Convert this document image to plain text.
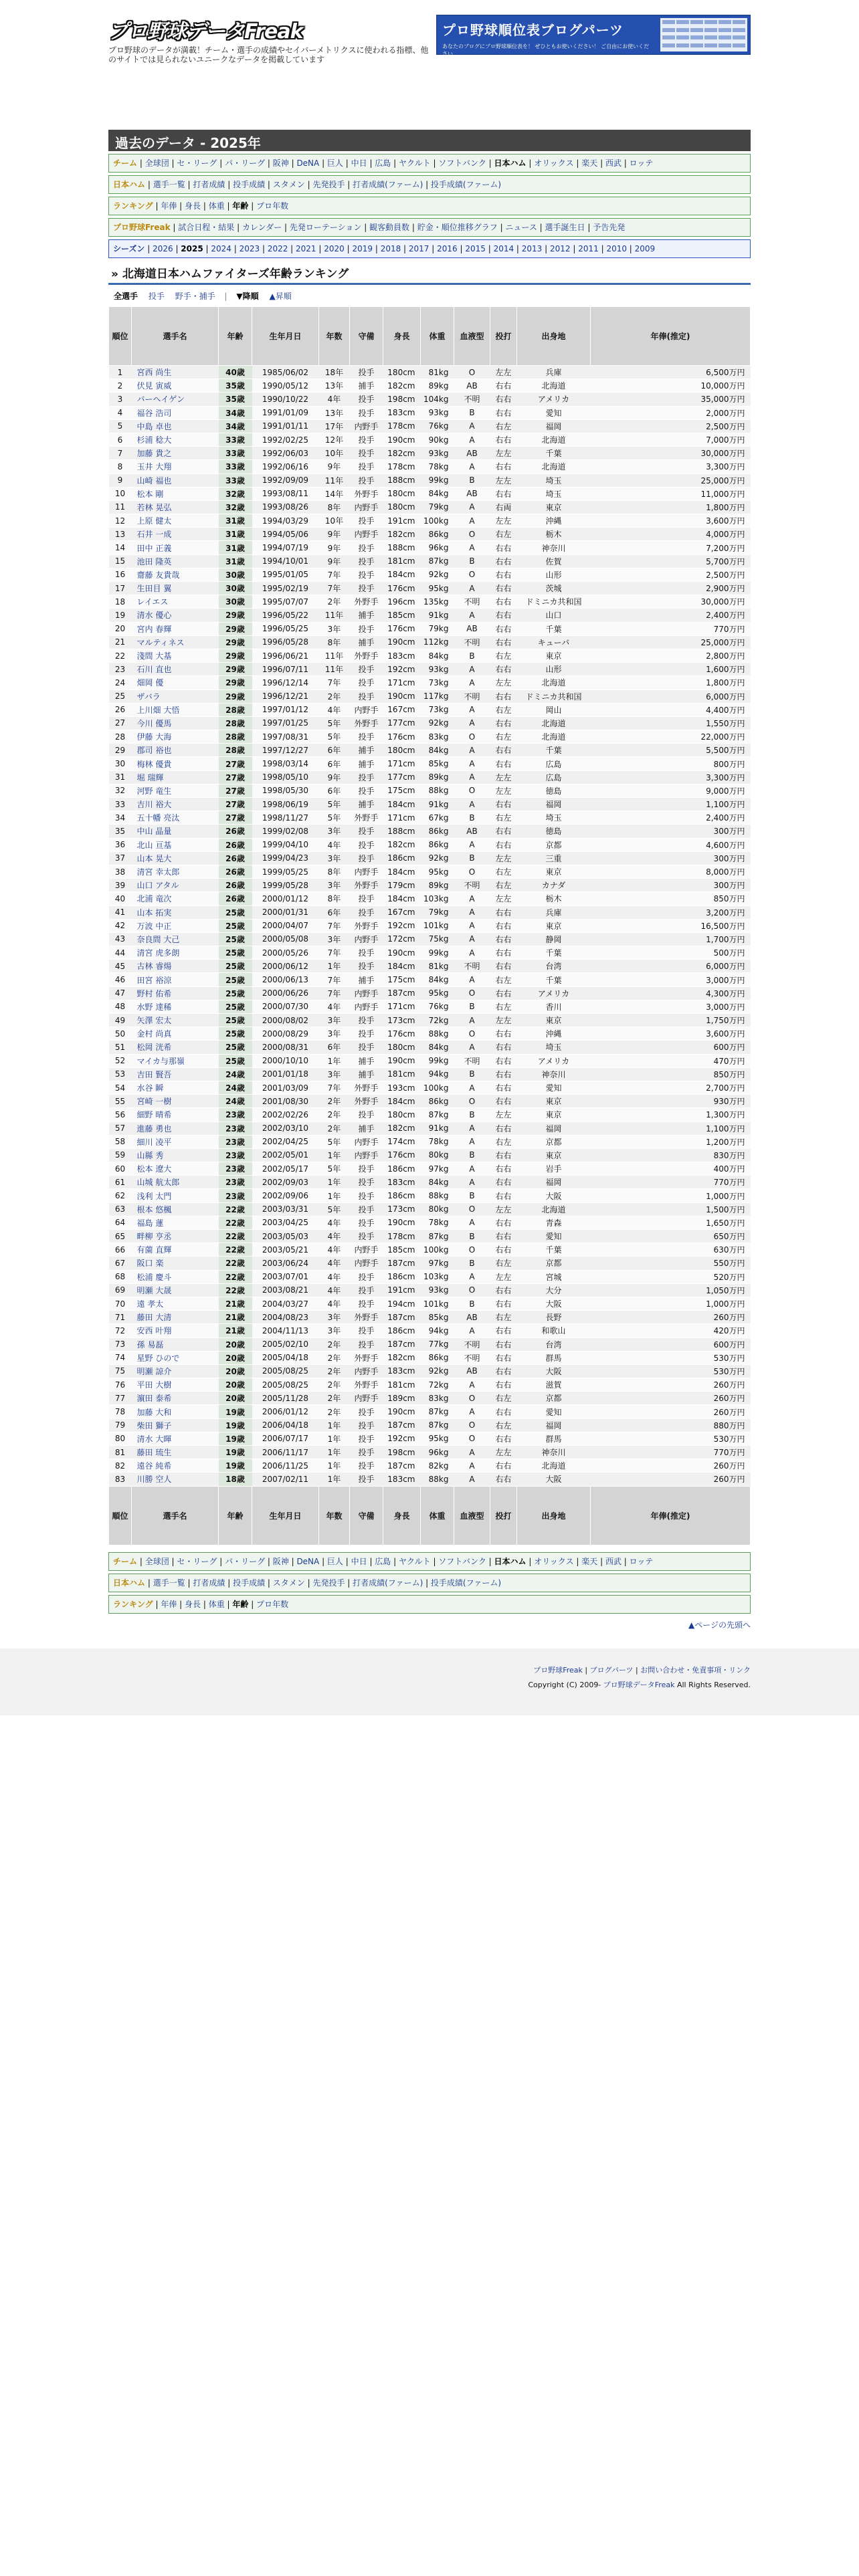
プロ野球データFreak
プロ野球のデータが満載！チーム・選手の成績やセイバーメトリクスに使われる指標、他のサイトでは見られないユニークなデータを掲載しています
プロ野球順位表ブログパーツ
あなたのブログにプロ野球順位表を！ ぜひともお使いください！ ご自由にお使いください
過去のデータ - 2025年
チーム | 全球団 | セ・リーグ | パ・リーグ | 阪神 | DeNA | 巨人 | 中日 | 広島 | ヤクルト | ソフトバンク | 日本ハム | オリックス | 楽天 | 西武 | ロッテ
日本ハム | 選手一覧 | 打者成績 | 投手成績 | スタメン | 先発投手 | 打者成績(ファーム) | 投手成績(ファーム)
ランキング | 年俸 | 身長 | 体重 | 年齢 | プロ年数
プロ野球Freak | 試合日程・結果 | カレンダー | 先発ローテーション | 観客動員数 | 貯金・順位推移グラフ | ニュース | 選手誕生日 | 予告先発
シーズン | 2026 | 2025 | 2024 | 2023 | 2022 | 2021 | 2020 | 2019 | 2018 | 2017 | 2016 | 2015 | 2014 | 2013 | 2012 | 2011 | 2010 | 2009
» 北海道日本ハムファイターズ年齢ランキング
全選手　 投手　 野手・捕手 | ▼降順　 ▲昇順
順位	選手名	年齢	生年月日	年数	守備	身長	体重	血液型	投打	出身地	年俸(推定)
1	宮西 尚生	40歳	1985/06/02	18年	投手	180cm	81kg	O	左左	兵庫	6,500万円
2	伏見 寅威	35歳	1990/05/12	13年	捕手	182cm	89kg	AB	右右	北海道	10,000万円
3	バーヘイゲン	35歳	1990/10/22	4年	投手	198cm	104kg	不明	右右	アメリカ	35,000万円
4	福谷 浩司	34歳	1991/01/09	13年	投手	183cm	93kg	B	右右	愛知	2,000万円
5	中島 卓也	34歳	1991/01/11	17年	内野手	178cm	76kg	A	右左	福岡	2,500万円
6	杉浦 稔大	33歳	1992/02/25	12年	投手	190cm	90kg	A	右右	北海道	7,000万円
7	加藤 貴之	33歳	1992/06/03	10年	投手	182cm	93kg	AB	左左	千葉	30,000万円
8	玉井 大翔	33歳	1992/06/16	9年	投手	178cm	78kg	A	右右	北海道	3,300万円
9	山崎 福也	33歳	1992/09/09	11年	投手	188cm	99kg	B	左左	埼玉	25,000万円
10	松本 剛	32歳	1993/08/11	14年	外野手	180cm	84kg	AB	右右	埼玉	11,000万円
11	若林 晃弘	32歳	1993/08/26	8年	内野手	180cm	79kg	A	右両	東京	1,800万円
12	上原 健太	31歳	1994/03/29	10年	投手	191cm	100kg	A	左左	沖縄	3,600万円
13	石井 一成	31歳	1994/05/06	9年	内野手	182cm	86kg	O	右左	栃木	4,000万円
14	田中 正義	31歳	1994/07/19	9年	投手	188cm	96kg	A	右右	神奈川	7,200万円
15	池田 隆英	31歳	1994/10/01	9年	投手	181cm	87kg	B	右右	佐賀	5,700万円
16	齋藤 友貴哉	30歳	1995/01/05	7年	投手	184cm	92kg	O	右右	山形	2,500万円
17	生田目 翼	30歳	1995/02/19	7年	投手	176cm	95kg	A	右右	茨城	2,900万円
18	レイエス	30歳	1995/07/07	2年	外野手	196cm	135kg	不明	右右	ドミニカ共和国	30,000万円
19	清水 優心	29歳	1996/05/22	11年	捕手	185cm	91kg	A	右右	山口	2,400万円
20	宮内 春輝	29歳	1996/05/25	3年	投手	176cm	79kg	AB	右右	千葉	770万円
21	マルティネス	29歳	1996/05/28	8年	捕手	190cm	112kg	不明	右右	キューバ	25,000万円
22	淺間 大基	29歳	1996/06/21	11年	外野手	183cm	84kg	B	右左	東京	2,800万円
23	石川 直也	29歳	1996/07/11	11年	投手	192cm	93kg	A	右右	山形	1,600万円
24	畑岡 優	29歳	1996/12/14	7年	投手	171cm	73kg	A	左左	北海道	1,800万円
25	ザバラ	29歳	1996/12/21	2年	投手	190cm	117kg	不明	右右	ドミニカ共和国	6,000万円
26	上川畑 大悟	28歳	1997/01/12	4年	内野手	167cm	73kg	A	右左	岡山	4,400万円
27	今川 優馬	28歳	1997/01/25	5年	外野手	177cm	92kg	A	右右	北海道	1,550万円
28	伊藤 大海	28歳	1997/08/31	5年	投手	176cm	83kg	O	右左	北海道	22,000万円
29	郡司 裕也	28歳	1997/12/27	6年	捕手	180cm	84kg	A	右右	千葉	5,500万円
30	梅林 優貴	27歳	1998/03/14	6年	捕手	171cm	85kg	A	右右	広島	800万円
31	堀 瑞輝	27歳	1998/05/10	9年	投手	177cm	89kg	A	左左	広島	3,300万円
32	河野 竜生	27歳	1998/05/30	6年	投手	175cm	88kg	O	左左	徳島	9,000万円
33	吉川 裕大	27歳	1998/06/19	5年	捕手	184cm	91kg	A	右右	福岡	1,100万円
34	五十幡 亮汰	27歳	1998/11/27	5年	外野手	171cm	67kg	B	右左	埼玉	2,400万円
35	中山 晶量	26歳	1999/02/08	3年	投手	188cm	86kg	AB	右右	徳島	300万円
36	北山 亘基	26歳	1999/04/10	4年	投手	182cm	86kg	A	右右	京都	4,600万円
37	山本 晃大	26歳	1999/04/23	3年	投手	186cm	92kg	B	左左	三重	300万円
38	清宮 幸太郎	26歳	1999/05/25	8年	内野手	184cm	95kg	O	右左	東京	8,000万円
39	山口 アタル	26歳	1999/05/28	3年	外野手	179cm	89kg	不明	右左	カナダ	300万円
40	北浦 竜次	26歳	2000/01/12	8年	投手	184cm	103kg	A	左左	栃木	850万円
41	山本 拓実	25歳	2000/01/31	6年	投手	167cm	79kg	A	右右	兵庫	3,200万円
42	万波 中正	25歳	2000/04/07	7年	外野手	192cm	101kg	A	右右	東京	16,500万円
43	奈良間 大己	25歳	2000/05/08	3年	内野手	172cm	75kg	A	右右	静岡	1,700万円
44	清宮 虎多朗	25歳	2000/05/26	7年	投手	190cm	99kg	A	右右	千葉	500万円
45	古林 睿煬	25歳	2000/06/12	1年	投手	184cm	81kg	不明	右右	台湾	6,000万円
46	田宮 裕涼	25歳	2000/06/13	7年	捕手	175cm	84kg	A	右左	千葉	3,000万円
47	野村 佑希	25歳	2000/06/26	7年	内野手	187cm	95kg	O	右右	アメリカ	4,300万円
48	水野 達稀	25歳	2000/07/30	4年	内野手	171cm	76kg	B	右左	香川	3,000万円
49	矢澤 宏太	25歳	2000/08/02	3年	投手	173cm	72kg	A	左左	東京	1,750万円
50	金村 尚真	25歳	2000/08/29	3年	投手	176cm	88kg	O	右右	沖縄	3,600万円
51	松岡 洸希	25歳	2000/08/31	6年	投手	180cm	84kg	A	右右	埼玉	600万円
52	マイカ与那嶺	25歳	2000/10/10	1年	捕手	190cm	99kg	不明	右右	アメリカ	470万円
53	吉田 賢吾	24歳	2001/01/18	3年	捕手	181cm	94kg	B	右右	神奈川	850万円
54	水谷 瞬	24歳	2001/03/09	7年	外野手	193cm	100kg	A	右右	愛知	2,700万円
55	宮崎 一樹	24歳	2001/08/30	2年	外野手	184cm	86kg	O	右右	東京	930万円
56	細野 晴希	23歳	2002/02/26	2年	投手	180cm	87kg	B	左左	東京	1,300万円
57	進藤 勇也	23歳	2002/03/10	2年	捕手	182cm	91kg	A	右右	福岡	1,100万円
58	細川 凌平	23歳	2002/04/25	5年	内野手	174cm	78kg	A	右左	京都	1,200万円
59	山縣 秀	23歳	2002/05/01	1年	内野手	176cm	80kg	B	右右	東京	830万円
60	松本 遼大	23歳	2002/05/17	5年	投手	186cm	97kg	A	右右	岩手	400万円
61	山城 航太郎	23歳	2002/09/03	1年	投手	183cm	84kg	A	右右	福岡	770万円
62	浅利 太門	23歳	2002/09/06	1年	投手	186cm	88kg	B	右右	大阪	1,000万円
63	根本 悠楓	22歳	2003/03/31	5年	投手	173cm	80kg	O	左左	北海道	1,500万円
64	福島 蓮	22歳	2003/04/25	4年	投手	190cm	78kg	A	右右	青森	1,650万円
65	畔柳 亨丞	22歳	2003/05/03	4年	投手	178cm	87kg	B	右右	愛知	650万円
66	有薗 直輝	22歳	2003/05/21	4年	内野手	185cm	100kg	O	右右	千葉	630万円
67	阪口 楽	22歳	2003/06/24	4年	内野手	187cm	97kg	B	右左	京都	550万円
68	松浦 慶斗	22歳	2003/07/01	4年	投手	186cm	103kg	A	左左	宮城	520万円
69	明瀬 大晟	22歳	2003/08/21	4年	投手	191cm	93kg	O	右右	大分	1,050万円
70	遠 孝太	21歳	2004/03/27	4年	投手	194cm	101kg	B	右右	大阪	1,000万円
71	藤田 大清	21歳	2004/08/23	3年	外野手	187cm	85kg	AB	右左	長野	260万円
72	安西 叶翔	21歳	2004/11/13	3年	投手	186cm	94kg	A	右右	和歌山	420万円
73	孫 易磊	20歳	2005/02/10	2年	投手	187cm	77kg	不明	右右	台湾	600万円
74	星野 ひので	20歳	2005/04/18	2年	外野手	182cm	86kg	不明	右右	群馬	530万円
75	明瀬 諒介	20歳	2005/08/25	2年	内野手	183cm	92kg	AB	右右	大阪	530万円
76	平田 大樹	20歳	2005/08/25	2年	外野手	181cm	72kg	A	右右	滋賀	260万円
77	濵田 泰希	20歳	2005/11/28	2年	内野手	189cm	83kg	O	右左	京都	260万円
78	加藤 大和	19歳	2006/01/12	2年	投手	190cm	87kg	A	右右	愛知	260万円
79	柴田 獅子	19歳	2006/04/18	1年	投手	187cm	87kg	O	右左	福岡	880万円
80	清水 大暉	19歳	2006/07/17	1年	投手	192cm	95kg	O	右右	群馬	530万円
81	藤田 琉生	19歳	2006/11/17	1年	投手	198cm	96kg	A	左左	神奈川	770万円
82	遠谷 純希	19歳	2006/11/25	1年	投手	187cm	82kg	A	右右	北海道	260万円
83	川勝 空人	18歳	2007/02/11	1年	投手	183cm	88kg	A	右右	大阪	260万円
順位	選手名	年齢	生年月日	年数	守備	身長	体重	血液型	投打	出身地	年俸(推定)
チーム | 全球団 | セ・リーグ | パ・リーグ | 阪神 | DeNA | 巨人 | 中日 | 広島 | ヤクルト | ソフトバンク | 日本ハム | オリックス | 楽天 | 西武 | ロッテ
日本ハム | 選手一覧 | 打者成績 | 投手成績 | スタメン | 先発投手 | 打者成績(ファーム) | 投手成績(ファーム)
ランキング | 年俸 | 身長 | 体重 | 年齢 | プロ年数
▲ページの先頭へ
プロ野球Freak | ブログパーツ | お問い合わせ・免責事項・リンク
Copyright (C) 2009- プロ野球データFreak All Rights Reserved.
